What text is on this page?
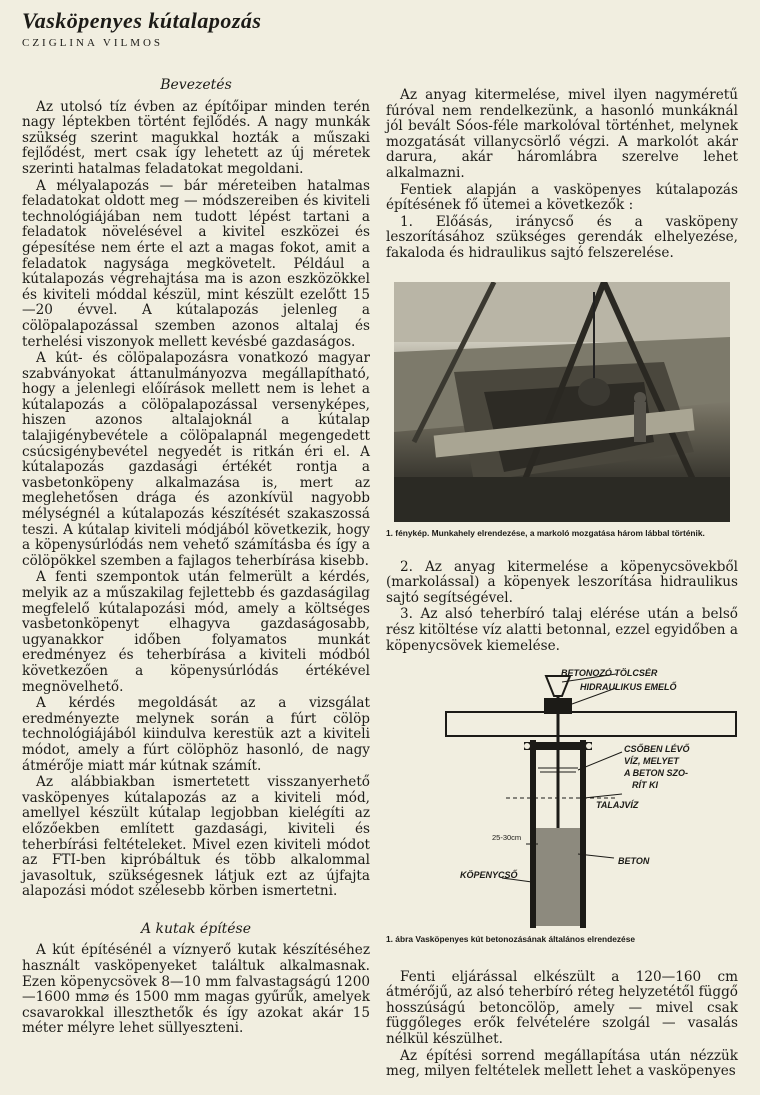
Vasköpenyes kútalapozás
CZIGLINA VILMOS
Bevezetés

Az utolsó tíz évben az építőipar minden terén nagy léptekben történt fejlődés. A nagy munkák szükség szerint magukkal hozták a műszaki fejlődést, mert csak így lehetett az új méretek szerinti hatalmas feladatokat megoldani.

A mélyalapozás — bár méreteiben hatalmas feladatokat oldott meg — módszereiben és kiviteli technológiájában nem tudott lépést tartani a feladatok növelésével a kivitel eszközei és gépesítése nem érte el azt a magas fokot, amit a feladatok nagysága megkövetelt. Például a kútalapozás végrehajtása ma is azon eszközökkel és kiviteli móddal készül, mint készült ezelőtt 15—20 évvel. A kútalapozás jelenleg a cölöpalapozással szemben azonos altalaj és terhelési viszonyok mellett kevésbé gazdaságos.

A kút- és cölöpalapozásra vonatkozó magyar szabványokat áttanulmányozva megállapítható, hogy a jelenlegi előírások mellett nem is lehet a kútalapozás a cölöpalapozással versenyképes, hiszen azonos altalajoknál a kútalap talajigénybevétele a cölöpalapnál megengedett csúcsigénybevétel negyedét is ritkán éri el. A kútalapozás gazdasági értékét rontja a vasbetonköpeny alkalmazása is, mert az meglehetősen drága és azonkívül nagyobb mélységnél a kútalapozás készítését szakaszossá teszi. A kútalap kiviteli módjából következik, hogy a köpenysúrlódás nem vehető számításba és így a cölöpökkel szemben a fajlagos teherbírása kisebb.

A fenti szempontok után felmerült a kérdés, melyik az a műszakilag fejlettebb és gazdaságilag megfelelő kútalapozási mód, amely a költséges vasbetonköpenyt elhagyva gazdaságosabb, ugyanakkor időben folyamatos munkát eredményez és teherbírása a kiviteli módból következően a köpenysúrlódás értékével megnövelhető.

A kérdés megoldását az a vizsgálat eredményezte melynek során a fúrt cölöp technológiájából kiindulva kerestük azt a kiviteli módot, amely a fúrt cölöphöz hasonló, de nagy átmérője miatt már kútnak számít.

Az alábbiakban ismertetett visszanyerhető vasköpenyes kútalapozás az a kiviteli mód, amellyel készült kútalap legjobban kielégíti az előzőekben említett gazdasági, kiviteli és teherbírási feltételeket. Mivel ezen kiviteli módot az FTI-ben kipróbáltuk és több alkalommal javasoltuk, szükségesnek látjuk ezt az újfajta alapozási módot szélesebb körben ismertetni.

A kutak építése

A kút építésénél a víznyerő kutak készítéséhez használt vasköpenyeket találtuk alkalmasnak. Ezen köpenycsövek 8—10 mm falvastagságú 1200—1600 mm⌀ és 1500 mm magas gyűrűk, amelyek csavarokkal illeszthetők és így azokat akár 15 méter mélyre lehet süllyeszteni.

Az anyag kitermelése, mivel ilyen nagyméretű fúróval nem rendelkezünk, a hasonló munkáknál jól bevált Sóos-féle markolóval történhet, melynek mozgatását villanycsörlő végzi. A markolót akár darura, akár háromlábra szerelve lehet alkalmazni.

Fentiek alapján a vasköpenyes kútalapozás építésének fő ütemei a következők :

1. Előásás, iránycső és a vasköpeny leszorításához szükséges gerendák elhelyezése, fakaloda és hidraulikus sajtó felszerelése.

1. fénykép. Munkahely elrendezése, a markoló mozgatása három lábbal történik.

2. Az anyag kitermelése a köpenycsövekből (markolással) a köpenyek leszorítása hidraulikus sajtó segítségével.

3. Az alsó teherbíró talaj elérése után a belső rész kitöltése víz alatti betonnal, ezzel egyidőben a köpenycsövek kiemelése.

BETONOZÓ TÖLCSÉR
HIDRAULIKUS EMELŐ
CSŐBEN LÉVŐ
VÍZ, MELYET
A BETON SZO-
RÍT KI
TALAJVÍZ
25-30cm
BETON
KÖPENYCSŐ

1. ábra Vasköpenyes kút betonozásának általános elrendezése

Fenti eljárással elkészült a 120—160 cm átmérőjű, az alsó teherbíró réteg helyzetétől függő hosszúságú betoncölöp, amely — mivel csak függőleges erők felvételére szolgál — vasalás nélkül készülhet.

Az építési sorrend megállapítása után nézzük meg, milyen feltételek mellett lehet a vasköpenyes
